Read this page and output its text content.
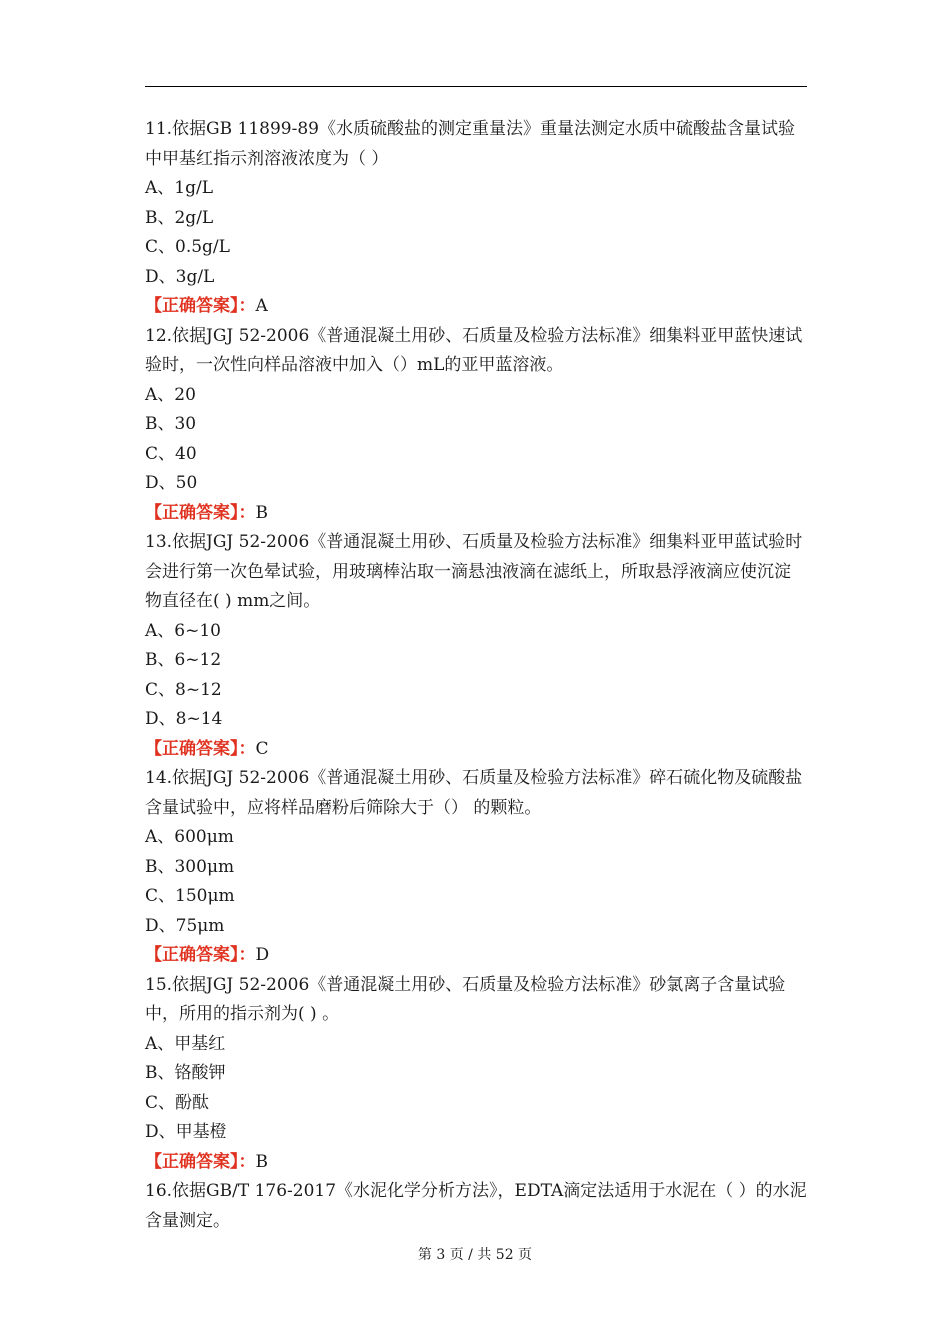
11.依据GB 11899-89《水质硫酸盐的测定重量法》重量法测定水质中硫酸盐含量试验中甲基红指示剂溶液浓度为（ ）

A、1g/L

B、2g/L

C、0.5g/L

D、3g/L

【正确答案】：A

12.依据JGJ 52-2006《普通混凝土用砂、石质量及检验方法标准》细集料亚甲蓝快速试验时，一次性向样品溶液中加入（）mL的亚甲蓝溶液。

A、20

B、30

C、40

D、50

【正确答案】：B

13.依据JGJ 52-2006《普通混凝土用砂、石质量及检验方法标准》细集料亚甲蓝试验时会进行第一次色晕试验，用玻璃棒沾取一滴悬浊液滴在滤纸上，所取悬浮液滴应使沉淀物直径在( ) mm之间。

A、6~10

B、6~12

C、8~12

D、8~14

【正确答案】：C

14.依据JGJ 52-2006《普通混凝土用砂、石质量及检验方法标准》碎石硫化物及硫酸盐含量试验中，应将样品磨粉后筛除大于（） 的颗粒。

A、600μm

B、300μm

C、150μm

D、75μm

【正确答案】：D

15.依据JGJ 52-2006《普通混凝土用砂、石质量及检验方法标准》砂氯离子含量试验中，所用的指示剂为( ) 。

A、甲基红

B、铬酸钾

C、酚酞

D、甲基橙

【正确答案】：B

16.依据GB/T 176-2017《水泥化学分析方法》，EDTA滴定法适用于水泥在（ ）的水泥含量测定。

第 3 页 / 共 52 页
